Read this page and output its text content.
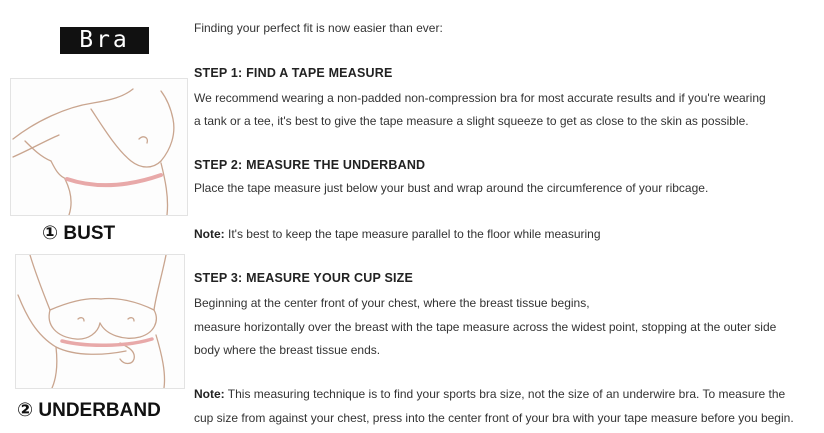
Bra
① BUST
② UNDERBAND
Finding your perfect fit is now easier than ever:
STEP 1: FIND A TAPE MEASURE
We recommend wearing a non-padded non-compression bra for most accurate results and if you're wearing
a tank or a tee, it's best to give the tape measure a slight squeeze to get as close to the skin as possible.
STEP 2: MEASURE THE UNDERBAND
Place the tape measure just below your bust and wrap around the circumference of your ribcage.
Note: It's best to keep the tape measure parallel to the floor while measuring
STEP 3: MEASURE YOUR CUP SIZE
Beginning at the center front of your chest, where the breast tissue begins,
measure horizontally over the breast with the tape measure across the widest point, stopping at the outer side
body where the breast tissue ends.
Note: This measuring technique is to find your sports bra size, not the size of an underwire bra. To measure the
cup size from against your chest, press into the center front of your bra with your tape measure before you begin.
